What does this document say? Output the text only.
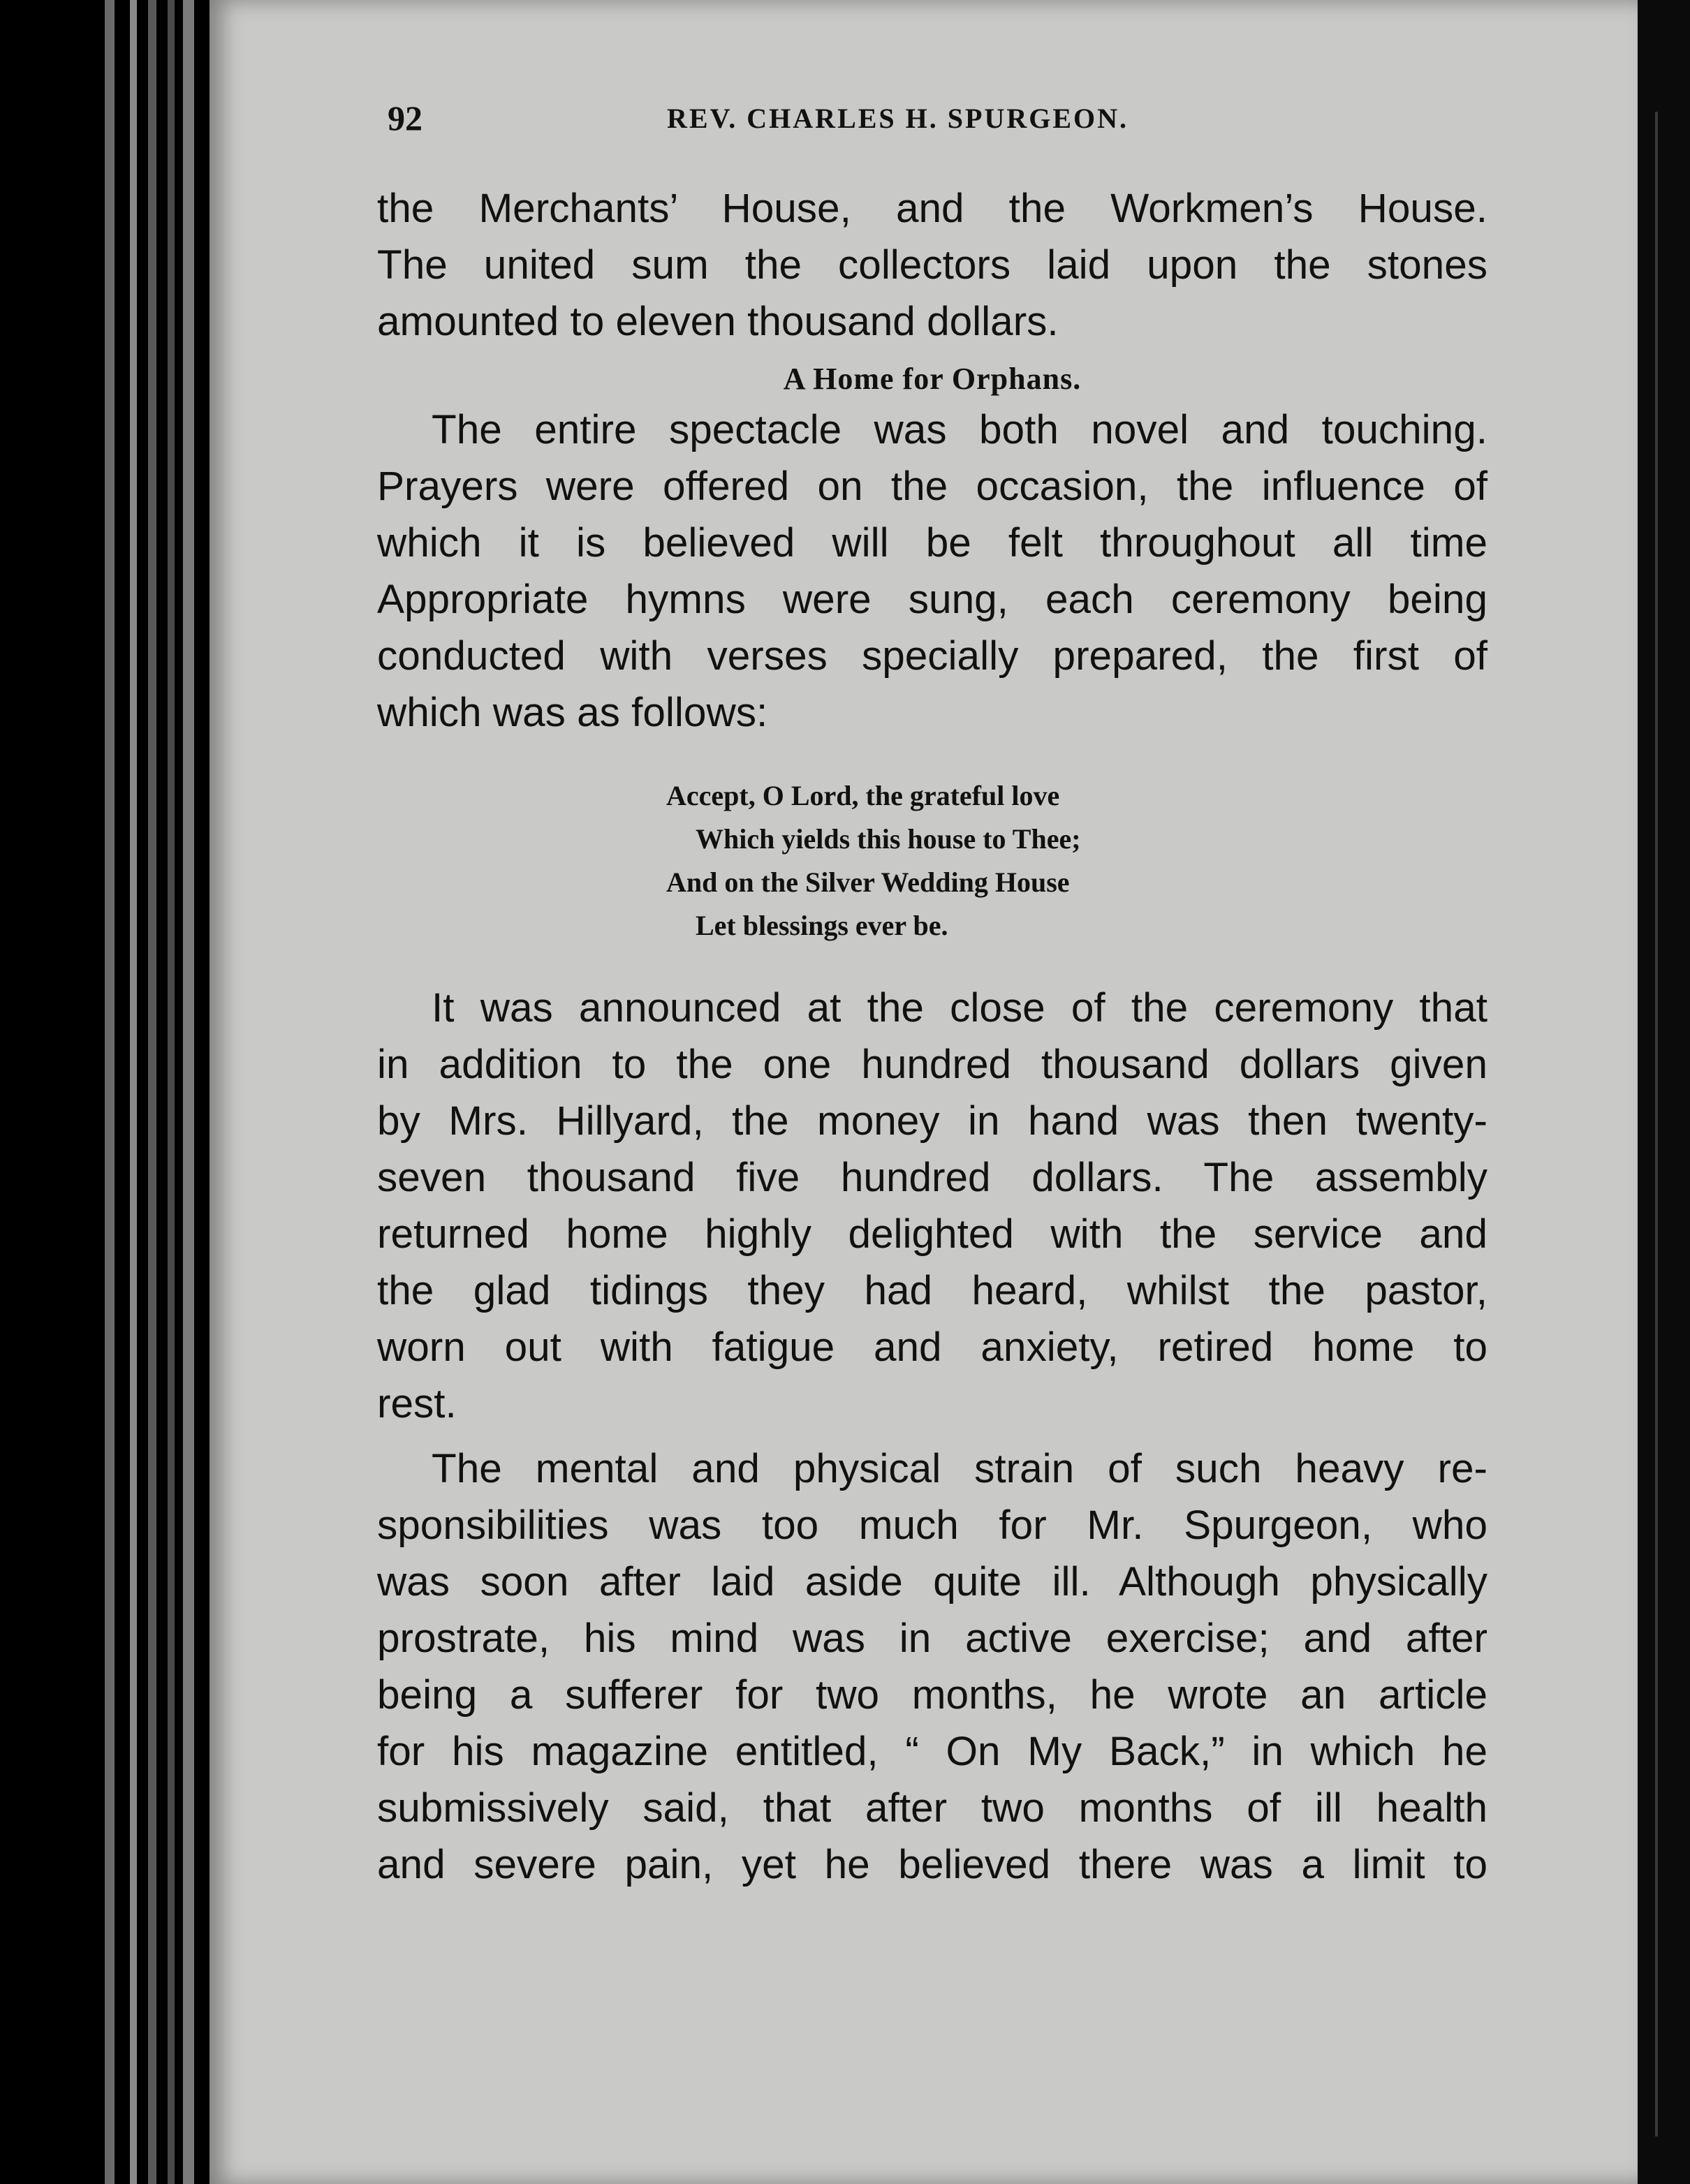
92	REV. CHARLES H. SPURGEON.
the Merchants’ House, and the Workmen’s House.
The united sum the collectors laid upon the stones
amounted to eleven thousand dollars.
A Home for Orphans.
The entire spectacle was both novel and touching.
Prayers were offered on the occasion, the influence of
which it is believed will be felt throughout all time
Appropriate hymns were sung, each ceremony being
conducted with verses specially prepared, the first of
which was as follows:
Accept, O Lord, the grateful love
Which yields this house to Thee;
And on the Silver Wedding House
Let blessings ever be.
It was announced at the close of the ceremony that
in addition to the one hundred thousand dollars given
by Mrs. Hillyard, the money in hand was then twenty-
seven thousand five hundred dollars. The assembly
returned home highly delighted with the service and
the glad tidings they had heard, whilst the pastor,
worn out with fatigue and anxiety, retired home to
rest.
The mental and physical strain of such heavy re-
sponsibilities was too much for Mr. Spurgeon, who
was soon after laid aside quite ill. Although physically
prostrate, his mind was in active exercise; and after
being a sufferer for two months, he wrote an article
for his magazine entitled, “ On My Back,” in which he
submissively said, that after two months of ill health
and severe pain, yet he believed there was a limit to
